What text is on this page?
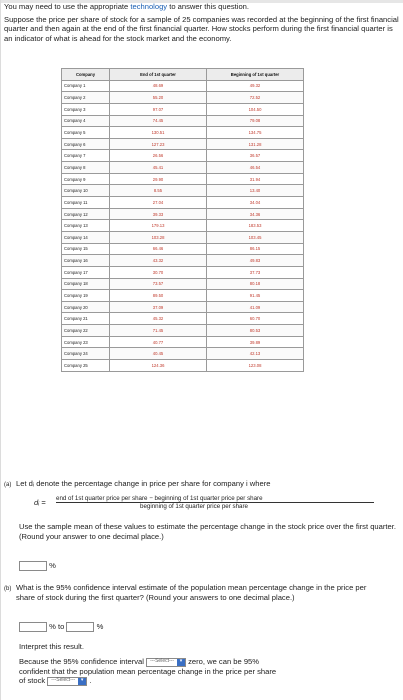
You may need to use the appropriate technology to answer this question.
Suppose the price per share of stock for a sample of 25 companies was recorded at the beginning of the first financial quarter and then again at the end of the first financial quarter. How stocks perform during the first financial quarter is an indicator of what is ahead for the stock market and the economy.
Company	End of 1st quarter	Beginning of 1st quarter
Company 1	48.69	49.32
Company 2	55.20	72.52
Company 3	97.07	104.50
Company 4	74.45	79.08
Company 5	130.51	134.75
Company 6	127.23	131.28
Company 7	26.56	36.57
Company 8	45.41	46.54
Company 9	29.90	31.94
Company 10	8.55	13.40
Company 11	27.04	34.04
Company 12	39.33	34.36
Company 13	179.13	183.53
Company 14	103.28	103.45
Company 15	66.46	86.15
Company 16	43.32	49.83
Company 17	30.70	37.73
Company 18	73.57	80.18
Company 19	89.50	91.45
Company 20	37.09	41.09
Company 21	45.32	60.70
Company 22	71.45	80.53
Company 23	40.77	39.89
Company 24	40.45	42.13
Company 25	124.36	123.08
(a) Let dᵢ denote the percentage change in price per share for company i where
dᵢ = end of 1st quarter price per share − beginning of 1st quarter price per share
beginning of 1st quarter price per share
Use the sample mean of these values to estimate the percentage change in the stock price over the first quarter. (Round your answer to one decimal place.)
%
(b) What is the 95% confidence interval estimate of the population mean percentage change in the price per share of stock during the first quarter? (Round your answers to one decimal place.)
% to	%
Interpret this result.
Because the 95% confidence interval	---Select---	▾ zero, we can be 95%
confident that the population mean percentage change in the price per share
of stock	---Select---	▾ .
